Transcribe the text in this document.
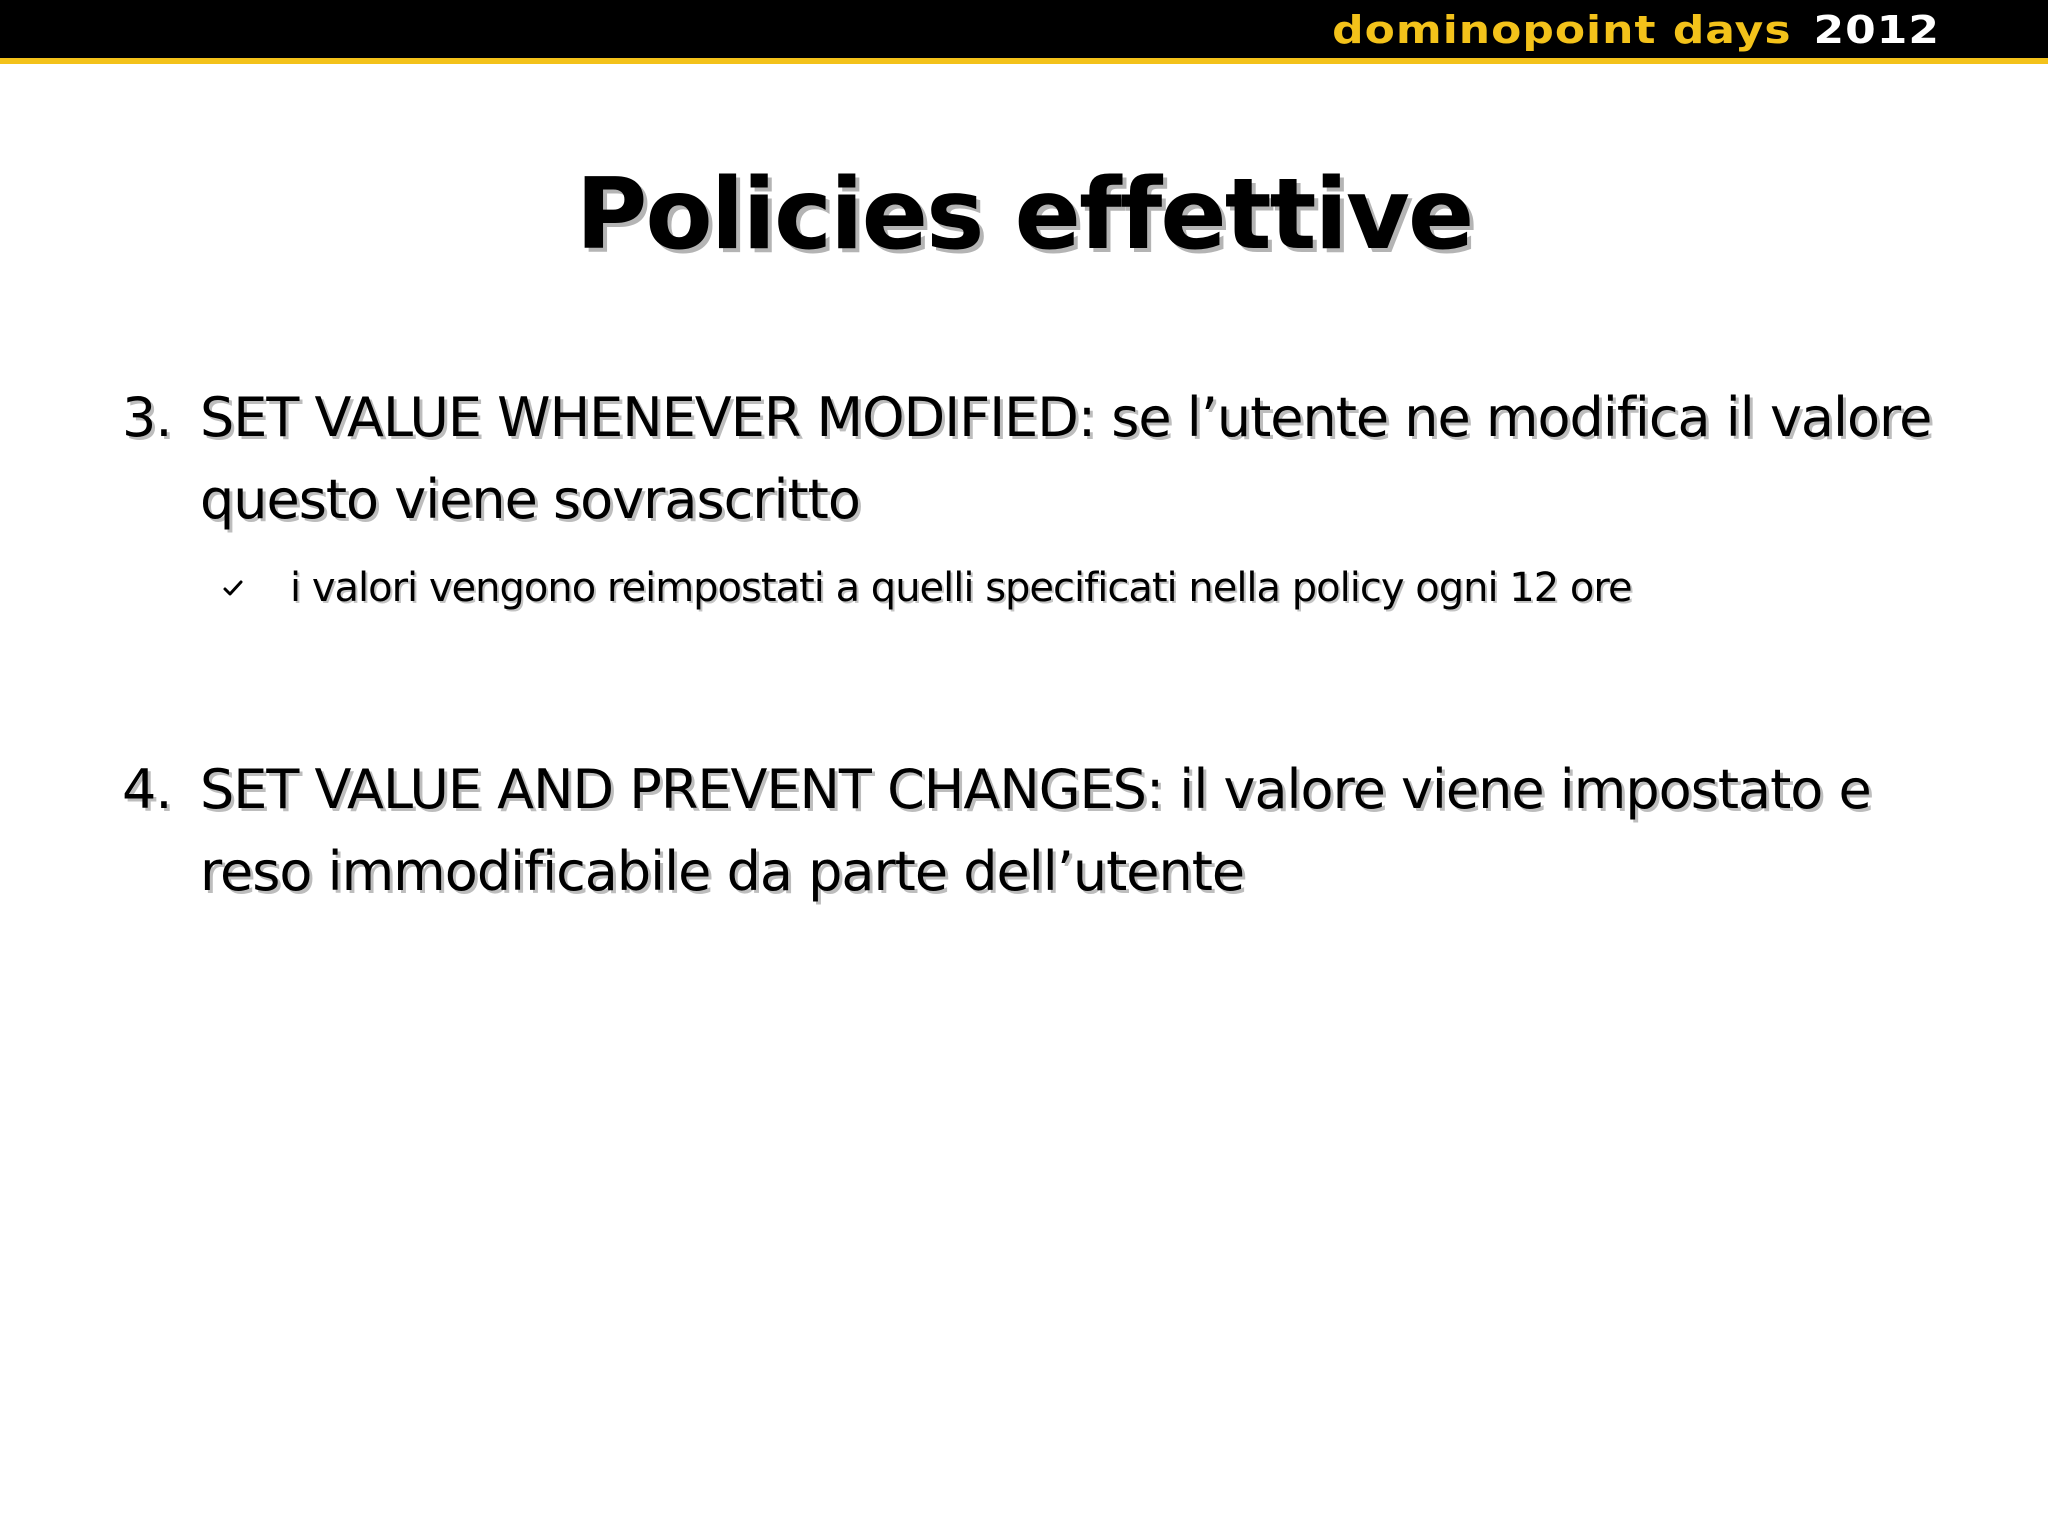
dominopoint days 2012
Policies effettive
3. SET VALUE WHENEVER MODIFIED: se l’utente ne modifica il valore questo viene sovrascritto
i valori vengono reimpostati a quelli specificati nella policy ogni 12 ore
4. SET VALUE AND PREVENT CHANGES: il valore viene impostato e reso immodificabile da parte dell’utente
